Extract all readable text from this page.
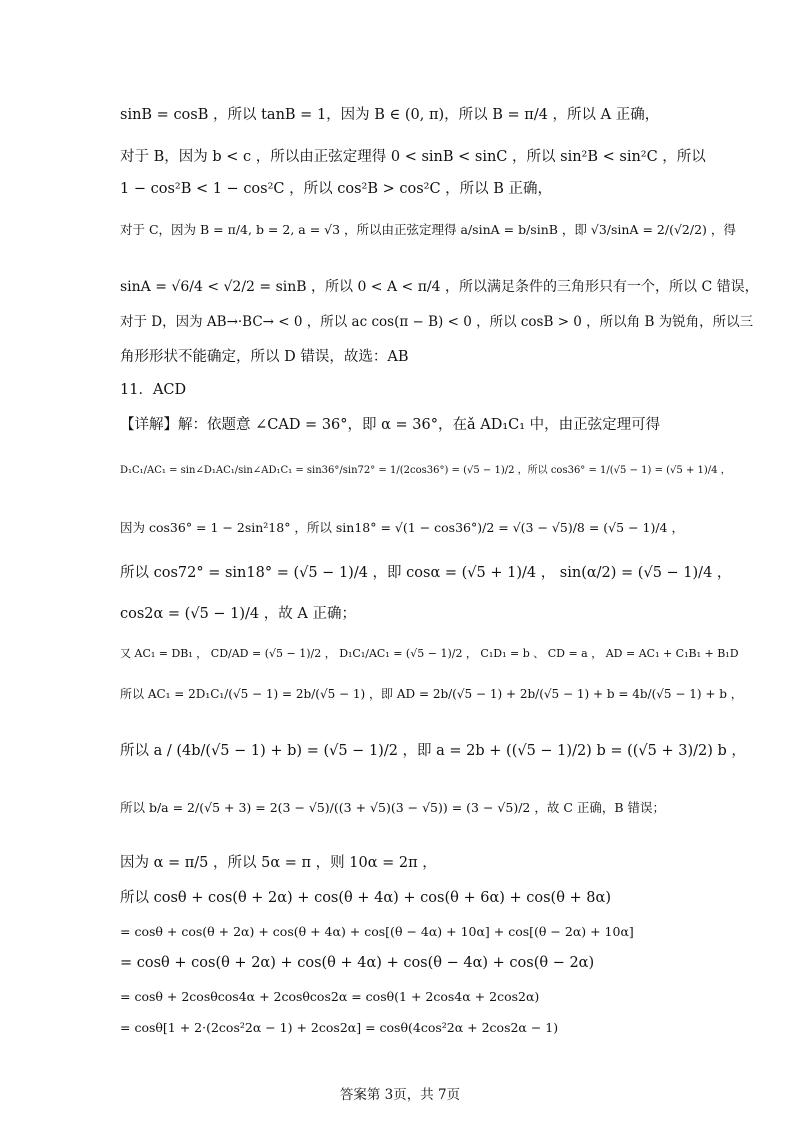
sinB = cosB ，所以 tanB = 1，因为 B ∈ (0, π)，所以 B = π/4 ，所以 A 正确，
对于 B，因为 b < c ，所以由正弦定理得 0 < sinB < sinC ，所以 sin²B < sin²C ，所以
1 − cos²B < 1 − cos²C ，所以 cos²B > cos²C ，所以 B 正确，
对于 C，因为 B = π/4, b = 2, a = √3 ，所以由正弦定理得 a/sinA = b/sinB ，即 √3/sinA = 2/(√2/2) ，得
sinA = √6/4 < √2/2 = sinB ，所以 0 < A < π/4 ，所以满足条件的三角形只有一个，所以 C 错误，
对于 D，因为 AB→·BC→ < 0 ，所以 ac cos(π − B) < 0 ，所以 cosB > 0 ，所以角 B 为锐角，所以三
角形形状不能确定，所以 D 错误，故选：AB
11．ACD
【详解】解：依题意 ∠CAD = 36°，即 α = 36°，在ǎ AD₁C₁ 中，由正弦定理可得
D₁C₁/AC₁ = sin∠D₁AC₁/sin∠AD₁C₁ = sin36°/sin72° = 1/(2cos36°) = (√5 − 1)/2 ，所以 cos36° = 1/(√5 − 1) = (√5 + 1)/4 ，
因为 cos36° = 1 − 2sin²18° ，所以 sin18° = √(1 − cos36°)/2 = √(3 − √5)/8 = (√5 − 1)/4 ，
所以 cos72° = sin18° = (√5 − 1)/4 ，即 cosα = (√5 + 1)/4 ， sin(α/2) = (√5 − 1)/4 ，
cos2α = (√5 − 1)/4 ，故 A 正确；
又 AC₁ = DB₁ ， CD/AD = (√5 − 1)/2 ， D₁C₁/AC₁ = (√5 − 1)/2 ， C₁D₁ = b 、 CD = a ， AD = AC₁ + C₁B₁ + B₁D
所以 AC₁ = 2D₁C₁/(√5 − 1) = 2b/(√5 − 1) ，即 AD = 2b/(√5 − 1) + 2b/(√5 − 1) + b = 4b/(√5 − 1) + b ，
所以 a / (4b/(√5 − 1) + b) = (√5 − 1)/2 ，即 a = 2b + ((√5 − 1)/2) b = ((√5 + 3)/2) b ，
所以 b/a = 2/(√5 + 3) = 2(3 − √5)/((3 + √5)(3 − √5)) = (3 − √5)/2 ，故 C 正确，B 错误；
因为 α = π/5 ，所以 5α = π ，则 10α = 2π ，
所以 cosθ + cos(θ + 2α) + cos(θ + 4α) + cos(θ + 6α) + cos(θ + 8α)
= cosθ + cos(θ + 2α) + cos(θ + 4α) + cos[(θ − 4α) + 10α] + cos[(θ − 2α) + 10α]
= cosθ + cos(θ + 2α) + cos(θ + 4α) + cos(θ − 4α) + cos(θ − 2α)
= cosθ + 2cosθcos4α + 2cosθcos2α = cosθ(1 + 2cos4α + 2cos2α)
= cosθ[1 + 2·(2cos²2α − 1) + 2cos2α] = cosθ(4cos²2α + 2cos2α − 1)
答案第 3页，共 7页
